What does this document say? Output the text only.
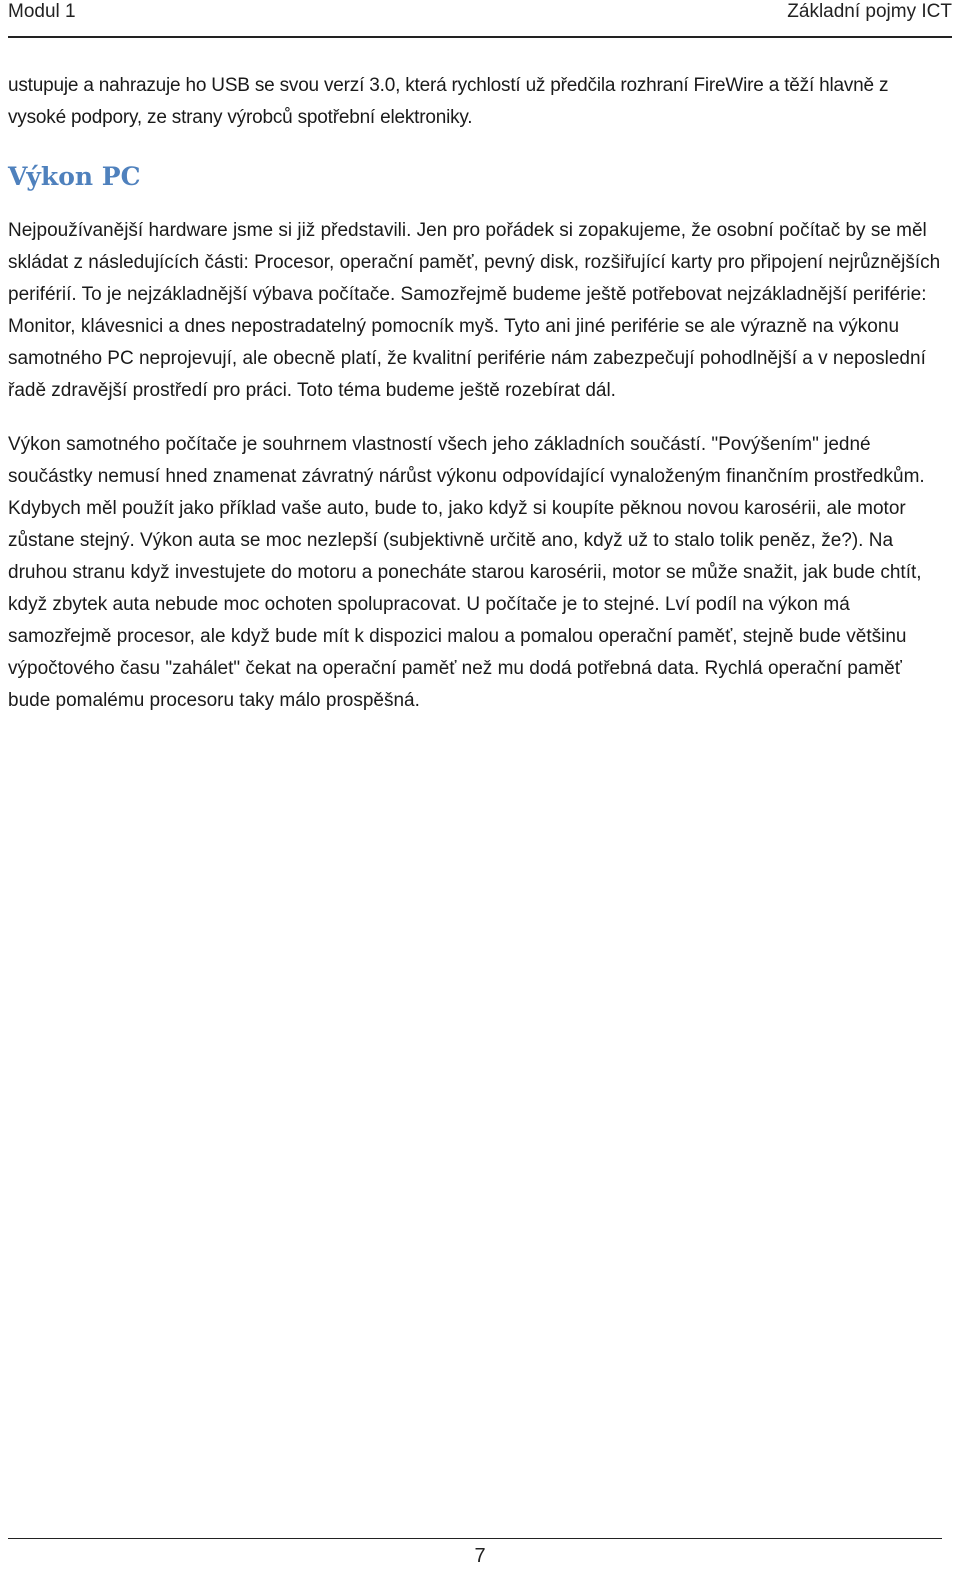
Modul 1	Základní pojmy ICT

ustupuje a nahrazuje ho USB se svou verzí 3.0, která rychlostí už předčila rozhraní FireWire a těží hlavně z vysoké podpory, ze strany výrobců spotřební elektroniky.

Výkon PC

Nejpoužívanější hardware jsme si již představili. Jen pro pořádek si zopakujeme, že osobní počítač by se měl skládat z následujících části: Procesor, operační paměť, pevný disk, rozšiřující karty pro připojení nejrůznějších periférií. To je nejzákladnější výbava počítače. Samozřejmě budeme ještě potřebovat nejzákladnější periférie: Monitor, klávesnici a dnes nepostradatelný pomocník myš. Tyto ani jiné periférie se ale výrazně na výkonu samotného PC neprojevují, ale obecně platí, že kvalitní periférie nám zabezpečují pohodlnější a v neposlední řadě zdravější prostředí pro práci. Toto téma budeme ještě rozebírat dál.

Výkon samotného počítače je souhrnem vlastností všech jeho základních součástí. "Povýšením" jedné součástky nemusí hned znamenat závratný nárůst výkonu odpovídající vynaloženým finančním prostředkům. Kdybych měl použít jako příklad vaše auto, bude to, jako když si koupíte pěknou novou karosérii, ale motor zůstane stejný. Výkon auta se moc nezlepší (subjektivně určitě ano, když už to stalo tolik peněz, že?). Na druhou stranu když investujete do motoru a ponecháte starou karosérii, motor se může snažit, jak bude chtít, když zbytek auta nebude moc ochoten spolupracovat. U počítače je to stejné. Lví podíl na výkon má samozřejmě procesor, ale když bude mít k dispozici malou a pomalou operační paměť, stejně bude většinu výpočtového času "zahálet" čekat na operační paměť než mu dodá potřebná data. Rychlá operační paměť bude pomalému procesoru taky málo prospěšná.

7
